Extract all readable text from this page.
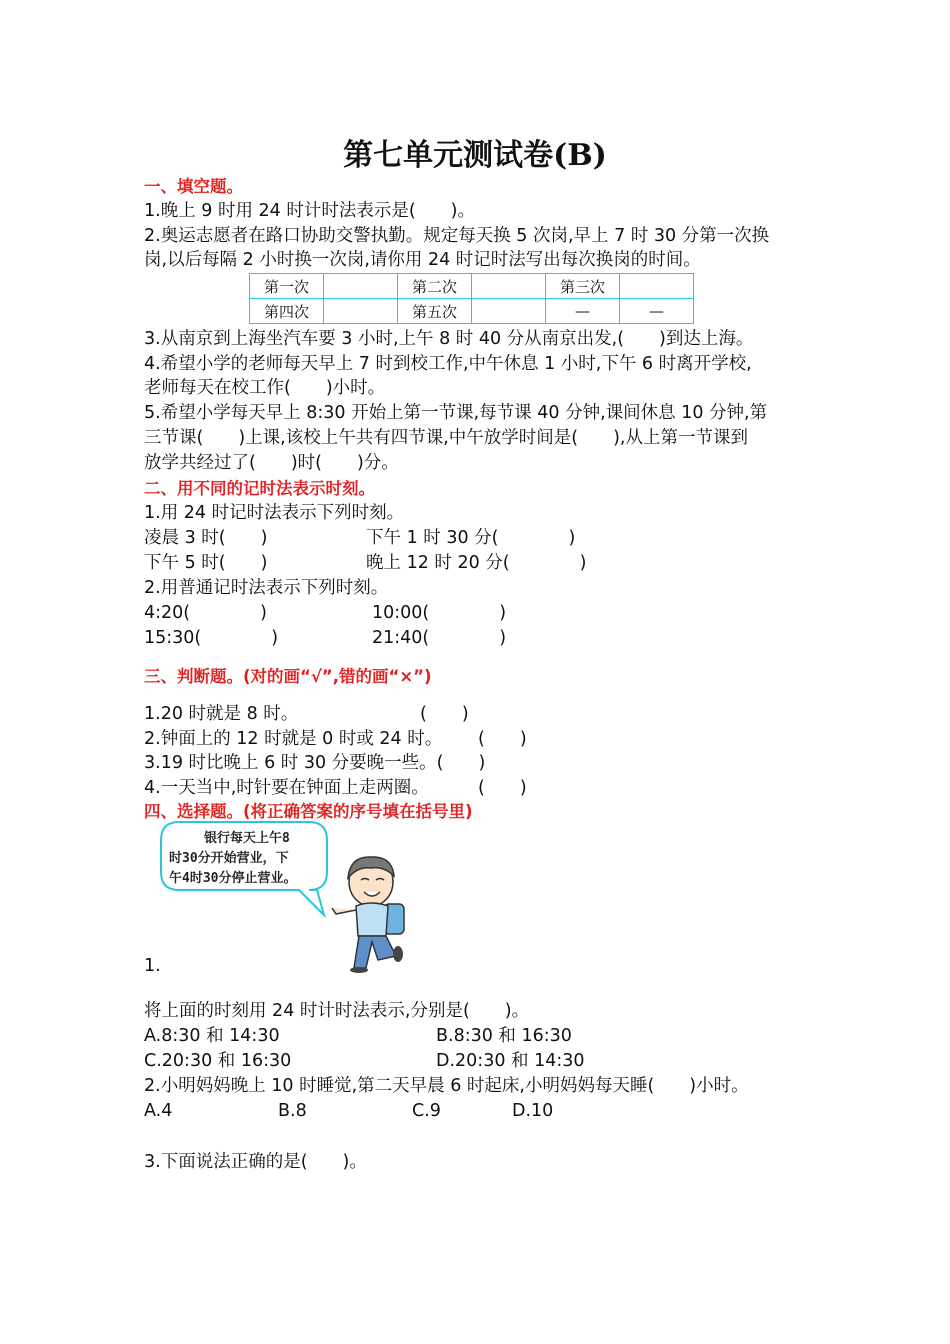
第七单元测试卷(B)
一、填空题。
1.晚上 9 时用 24 时计时法表示是(　　)。
2.奥运志愿者在路口协助交警执勤。规定每天换 5 次岗,早上 7 时 30 分第一次换
岗,以后每隔 2 小时换一次岗,请你用 24 时记时法写出每次换岗的时间。
第一次		第二次		第三次	
第四次		第五次		—	—
3.从南京到上海坐汽车要 3 小时,上午 8 时 40 分从南京出发,(　　)到达上海。
4.希望小学的老师每天早上 7 时到校工作,中午休息 1 小时,下午 6 时离开学校,
老师每天在校工作(　　)小时。
5.希望小学每天早上 8:30 开始上第一节课,每节课 40 分钟,课间休息 10 分钟,第
三节课(　　)上课,该校上午共有四节课,中午放学时间是(　　),从上第一节课到
放学共经过了(　　)时(　　)分。
二、用不同的记时法表示时刻。
1.用 24 时记时法表示下列时刻。
凌晨 3 时(　　)	下午 1 时 30 分(　　　　)
下午 5 时(　　)	晚上 12 时 20 分(　　　　)
2.用普通记时法表示下列时刻。
4:20(　　　　)	10:00(　　　　)
15:30(　　　　)	21:40(　　　　)
三、判断题。(对的画“√”,错的画“×”)
1.20 时就是 8 时。	(　　)
2.钟面上的 12 时就是 0 时或 24 时。 (　　)
3.19 时比晚上 6 时 30 分要晚一些。(　　)
4.一天当中,时针要在钟面上走两圈。	(　　)
四、选择题。(将正确答案的序号填在括号里)
银行每天上午8
时30分开始营业，下
午4时30分停止营业。
1.
将上面的时刻用 24 时计时法表示,分别是(　　)。
A.8:30 和 14:30	B.8:30 和 16:30
C.20:30 和 16:30	D.20:30 和 14:30
2.小明妈妈晚上 10 时睡觉,第二天早晨 6 时起床,小明妈妈每天睡(　　)小时。
A.4	B.8	C.9	D.10
3.下面说法正确的是(　　)。
